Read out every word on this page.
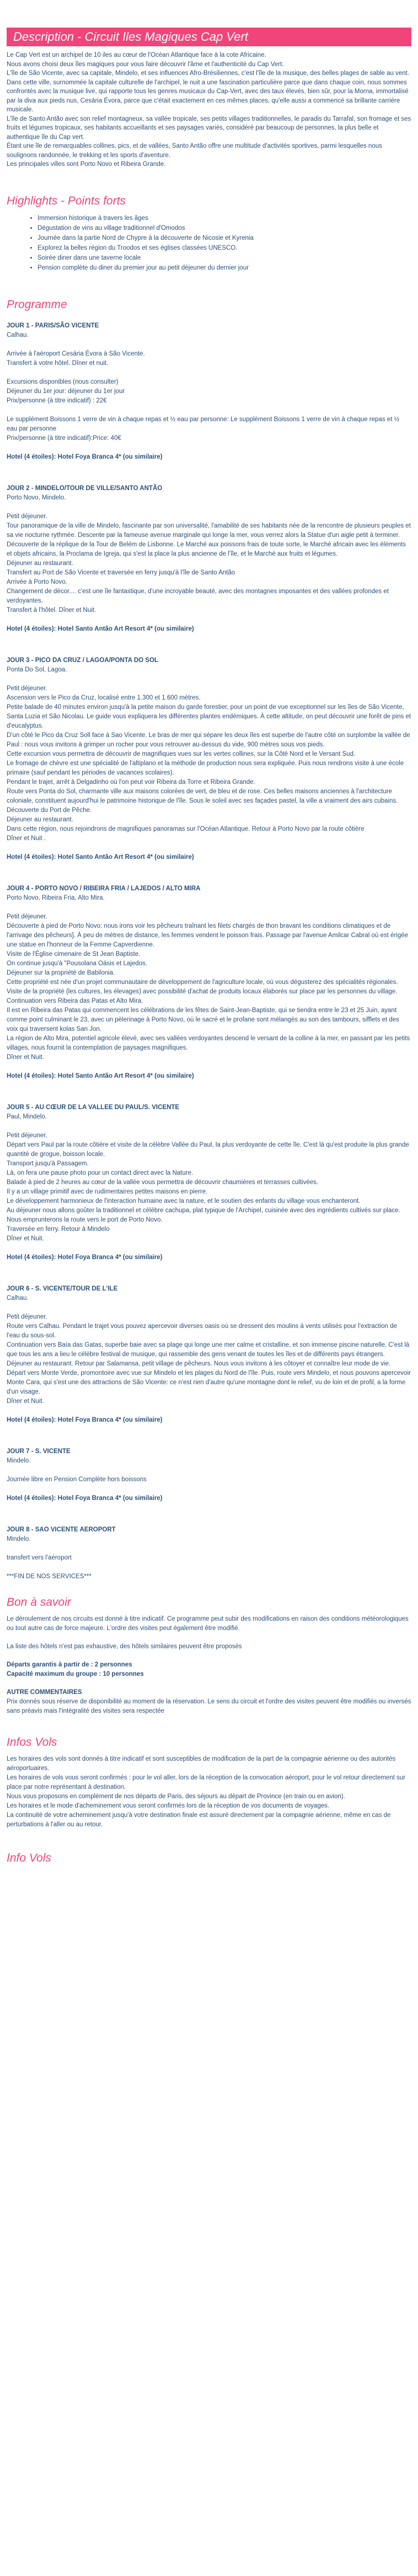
Description - Circuit Iles Magiques Cap Vert

Le Cap Vert est un archipel de 10 iles au cœur de l'Océan Atlantique face à la cote Africaine.

Nous avons choisi deux îles magiques pour vous faire découvrir l'âme et l'authenticité du Cap Vert.

L'île de São Vicente, avec sa capitale, Mindelo, et ses influences Afro-Brésiliennes, c'est l'île de la musique, des belles plages de sable au vent.

Dans cette ville, surnommée la capitale culturelle de l'archipel, le nuit a une fascination particulière parce que dans chaque coin, nous sommes confrontés avec la musique live, qui rapporte tous les genres musicaux du Cap-Vert, avec des taux élevés, bien sûr, pour la Morna, immortalisé par la diva aux pieds nus, Cesária Évora, parce que c'était exactement en ces mêmes places, qu'elle aussi a commencé sa brillante carrière musicale.

L'île de Santo Antão avec son relief montagneux, sa vallée tropicale, ses petits villages traditionnelles, le paradis du Tarrafal, son fromage et ses fruits et légumes tropicaux, ses habitants accueillants et ses paysages variés, considéré par beaucoup de personnes, la plus belle et authentique île du Cap vert.

Étant une île de remarquables collines, pics, et de vallées, Santo Antão offre une multitude d'activités sportives, parmi lesquelles nous soulignons randonnée, le trekking et les sports d'aventure.

Les principales villes sont Porto Novo et Ribeira Grande.

Highlights - Points forts
• Immersion historique à travers les âges
• Dégustation de vins au village traditionnel d'Omodos
• Journée dans la partie Nord de Chypre à la découverte de Nicosie et Kyrenia
• Explorez la belles région du Troodos et ses églises classées UNESCO.
• Soirée diner dans une taverne locale
• Pension complète du diner du premier jour au petit déjeuner du dernier jour
Programme

JOUR 1 - PARIS/SÃO VICENTE

Calhau.

Arrivée à l'aéroport Cesária Évora à São Vicente.

Transfert à votre hôtel. Dîner et nuit.

Excursions disponibles (nous consulter)

Déjeuner du 1er jour: déjeuner du 1er jour

Prix/personne (à titre indicatif) : 22€

Le supplément Boissons 1 verre de vin à chaque repas et ½ eau par personne: Le supplément Boissons 1 verre de vin à chaque repas et ½ eau par personne

Prix/personne (à titre indicatif):Price: 40€

Hotel (4 étoiles): Hotel Foya Branca 4* (ou similaire)

JOUR 2 - MINDELO/TOUR DE VILLE/SANTO ANTÃO

Porto Novo, Mindelo.

Petit déjeuner.

Tour panoramique de la ville de Mindelo, fascinante par son universalité, l'amabilité de ses habitants née de la rencontre de plusieurs peuples et sa vie nocturne rythmée. Descente par la fameuse avenue marginale qui longe la mer, vous verrez alors la Statue d'un aigle petit à terminer. Découverte de la réplique de la Tour de Belém de Lisbonne. Le Marché aux poissons frais de toute sorte, le Marché africain avec les éléments et objets africains, la Proclama de Igreja, qui s'est la place la plus ancienne de l'île, et le Marché aux fruits et légumes.

Déjeuner au restaurant.

Transfert au Port de São Vicente et traversée en ferry jusqu'à l'île de Santo Antão

Arrivée à Porto Novo.

Changement de décor.... c'est une île fantastique, d'une incroyable beauté, avec des montagnes imposantes et des vallées profondes et verdoyantes.

Transfert à l'hôtel. Dîner et Nuit.

Hotel (4 étoiles): Hotel Santo Antão Art Resort 4* (ou similaire)

JOUR 3 - PICO DA CRUZ / LAGOA/PONTA DO SOL

Ponta Do Sol, Lagoa.

Petit déjeuner.

Ascension vers le Pico da Cruz, localisé entre 1.300 et 1.600 mètres.

Petite balade de 40 minutes environ jusqu'à la petite maison du garde forestier, pour un point de vue exceptionnel sur les îles de São Vicente, Santa Luzia et São Nicolau. Le guide vous expliquera les différentes plantes endémiques. À cette altitude, on peut découvrir une forêt de pins et d'eucalyptus.

D'un côté le Pico da Cruz Soll face à Sao Vicente. Le bras de mer qui sépare les deux îles est superbe de l'autre côté on surplombe la vallée de Paul : nous vous invitons à grimper un rocher pour vous retrouver au-dessus du vide, 900 mètres sous vos pieds.

Cette excursion vous permettra de découvrir de magnifiques vues sur les vertes collines, sur la Côté Nord et le Versant Sud.

Le fromage de chèvre est une spécialité de l'altiplano et la méthode de production nous sera expliquée. Puis nous rendrons visite à une école primaire (sauf pendant les périodes de vacances scolaires).

Pendant le trajet, arrêt à Delgadinho où l'on peut voir Ribeira da Torre et Ribeira Grande.

Route vers Ponta do Sol, charmante ville aux maisons colorées de vert, de bleu et de rose. Ces belles maisons anciennes à l'architecture coloniale, constituent aujourd'hui le patrimoine historique de l'île. Sous le soleil avec ses façades pastel, la ville a vraiment des airs cubains.

Découverte du Port de Pêche.

Déjeuner au restaurant.

Dans cette région, nous rejoindrons de magnifiques panoramas sur l'Océan Atlantique. Retour à Porto Novo par la route côtière

Dîner et Nuit .

Hotel (4 étoiles): Hotel Santo Antão Art Resort 4* (ou similaire)

JOUR 4 - PORTO NOVO / RIBEIRA FRIA / LAJEDOS / ALTO MIRA

Porto Novo, Ribeira Fria, Alto Mira.

Petit déjeuner.

Découverte à pied de Porto Novo: nous irons voir les pêcheurs traînant les filets chargés de thon bravant les conditions climatiques et de l'arrivage des pêcheurs]. À peu de mètres de distance, les femmes vendent le poisson frais. Passage par l'avenue Amilcar Cabral où est érigée une statue en l'honneur de la Femme Capverdienne.

Visite de l'Église cimenaire de St Jean Baptiste.

On continue jusqu'à "Pousolana Oásis et Lajedos.

Déjeuner sur la propriété de Babilonia.

Cette propriété est née d'un projet communautaire de développement de l'agriculture locale, où vous dégusterez des spécialités régionales. Visite de la propriété (les cultures, les élevages) avec possibilité d'achat de produits locaux élaborés sur place par les personnes du village.

Continuation vers Ribeira das Patas et Alto Mira.

Il est en Ribeira das Patas qui commencent les célébrations de les fêtes de Saint-Jean-Baptiste, qui se tiendra entre le 23 et 25 Juin, ayant comme point culminant le 23, avec un pèlerinage à Porto Novo, où le sacré et le profane sont mélangés au son des tambours, sifflets et des voix qui traversent kolas San Jon.

La région de Alto Mira, potentiel agricole élevé, avec ses vallées verdoyantes descend le versant de la colline à la mer, en passant par les petits villages, nous fournit la contemplation de paysages magnifiques.

Dîner et Nuit.

Hotel (4 étoiles): Hotel Santo Antão Art Resort 4* (ou similaire)

JOUR 5 - AU CŒUR DE LA VALLEE DU PAUL/S. VICENTE

Paul, Mindelo.

Petit déjeuner.

Départ vers Paul par la route côtière et visite de la célèbre Vallée du Paul, la plus verdoyante de cette île. C'est là qu'est produite la plus grande quantité de grogue, boisson locale.

Transport jusqu'à Passagem.

Là, on fera une pause photo pour un contact direct avec la Nature.

Balade à pied de 2 heures au cœur de la vallée vous permettra de découvrir chaumières et terrasses cultivées.

Il y a un village primitif avec de rudimentaires petites maisons en pierre.

Le développement harmonieux de l'interaction humaine avec la nature, et le soutien des enfants du village vous enchanteront.

Au déjeuner nous allons goûter la traditionnel et célèbre cachupa, plat typique de l'Archipel, cuisinée avec des ingrédients cultivés sur place.

Nous emprunterons la route vers le port de Porto Novo.

Traversée en ferry. Retour à Mindelo

Dîner et Nuit.

Hotel (4 étoiles): Hotel Foya Branca 4* (ou similaire)

JOUR 6 - S. VICENTE/TOUR DE L'ILE

Calhau.

Petit déjeuner.

Route vers Calhau. Pendant le trajet vous pouvez apercevoir diverses oasis où se dressent des moulins à vents utilisés pour l'extraction de l'eau du sous-sol.

Continuation vers Baía das Gatas, superbe baie avec sa plage qui longe une mer calme et cristalline, et son immense piscine naturelle. C'est là que tous les ans a lieu le célèbre festival de musique, qui rassemble des gens venant de toutes les îles et de différents pays étrangers.

Déjeuner au restaurant. Retour par Salamansa, petit village de pêcheurs. Nous vous invitons à les côtoyer et connaître leur mode de vie.

Départ vers Monte Verde, promontoire avec vue sur Mindelo et les plages du Nord de l'île. Puis, route vers Mindelo, et nous pouvons apercevoir Monte Cara, qui s'est une des attractions de São Vicente: ce n'est rien d'autre qu'une montagne dont le relief, vu de loin et de profil, a la forme d'un visage.

Dîner et Nuit.

Hotel (4 étoiles): Hotel Foya Branca 4* (ou similaire)

JOUR 7 - S. VICENTE

Mindelo.

Journée libre en Pension Complète hors boissons

Hotel (4 étoiles): Hotel Foya Branca 4* (ou similaire)

JOUR 8 - SAO VICENTE AEROPORT

Mindelo.

transfert vers l'aéroport

***FIN DE NOS SERVICES***

Bon à savoir

Le déroulement de nos circuits est donné à titre indicatif. Ce programme peut subir des modifications en raison des conditions météorologiques ou tout autre cas de force majeure. L'ordre des visites peut également être modifié.

La liste des hôtels n'est pas exhaustive, des hôtels similaires peuvent être proposés

Départs garantis à partir de : 2 personnes

Capacité maximum du groupe : 10 personnes

AUTRE COMMENTAIRES

Prix donnés sous réserve de disponibilité au moment de la réservation. Le sens du circuit et l'ordre des visites peuvent être modifiés ou inversés sans préavis mais l'intégralité des visites sera respectée

Infos Vols

Les horaires des vols sont donnés à titre indicatif et sont susceptibles de modification de la part de la compagnie aérienne ou des autorités aéroportuaires.

Les horaires de vols vous seront confirmés : pour le vol aller, lors de la réception de la convocation aéroport, pour le vol retour directement sur place par notre représentant à destination.

Nous vous proposons en complément de nos départs de Paris, des séjours au départ de Province (en train ou en avion).

Les horaires et le mode d'acheminement vous seront confirmés lors de la réception de vos documents de voyages.

La continuité de votre acheminement jusqu'à votre destination finale est assuré directement par la compagnie aérienne, même en cas de perturbations à l'aller ou au retour.

Info Vols
